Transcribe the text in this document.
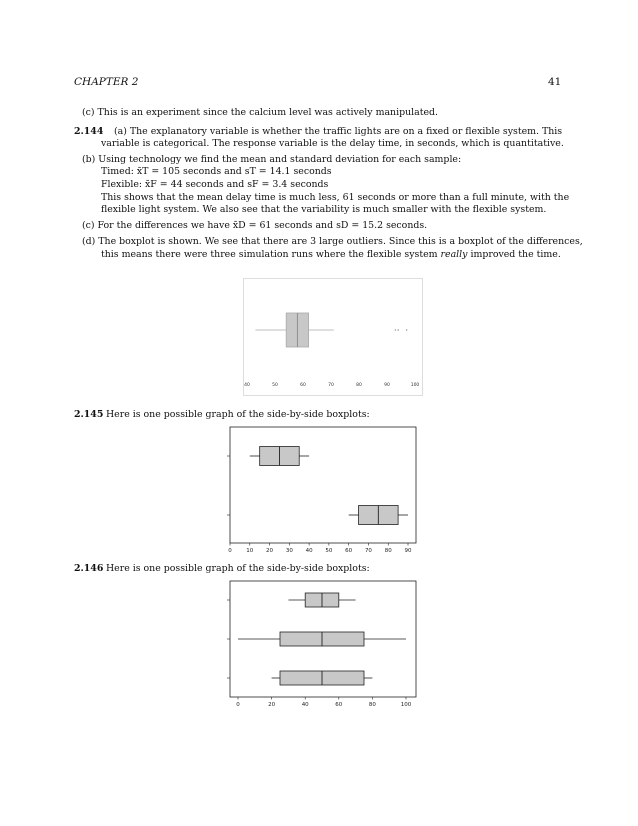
CHAPTER 2	41
(c) This is an experiment since the calcium level was actively manipulated.
2.144 (a) The explanatory variable is whether the traffic lights are on a fixed or flexible system. This
variable is categorical. The response variable is the delay time, in seconds, which is quantitative.
(b) Using technology we find the mean and standard deviation for each sample:
Timed: x̄T = 105 seconds and sT = 14.1 seconds
Flexible: x̄F = 44 seconds and sF = 3.4 seconds
This shows that the mean delay time is much less, 61 seconds or more than a full minute, with the
flexible light system. We also see that the variability is much smaller with the flexible system.
(c) For the differences we have x̄D = 61 seconds and sD = 15.2 seconds.
(d) The boxplot is shown. We see that there are 3 large outliers. Since this is a boxplot of the differences,
this means there were three simulation runs where the flexible system really improved the time.
40	50	60	70	80	90	100
2.145 Here is one possible graph of the side-by-side boxplots:
0	10 20 30 40 50 60 70 80 90
2.146 Here is one possible graph of the side-by-side boxplots:
0	20	40	60	80	100
